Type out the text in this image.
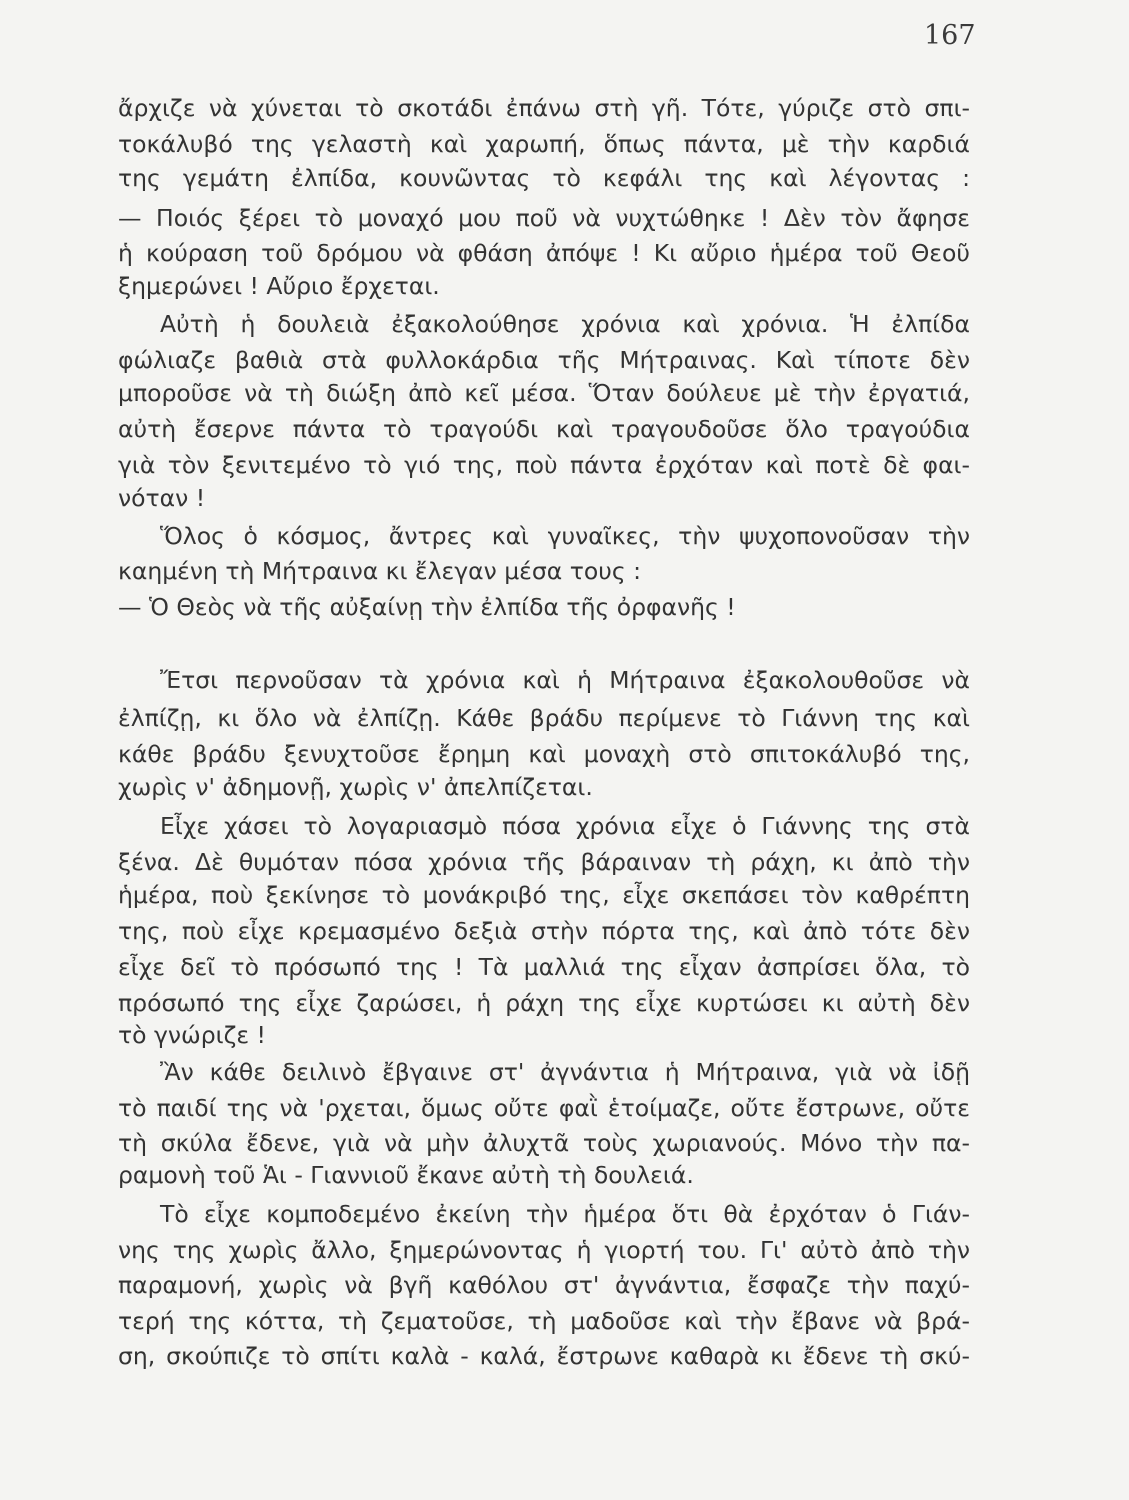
167
ἄρχιζε νὰ χύνεται τὸ σκοτάδι ἐπάνω στὴ γῆ. Τότε, γύριζε στὸ σπι-
τοκάλυβό της γελαστὴ καὶ χαρωπή, ὅπως πάντα, μὲ τὴν καρδιά
της γεμάτη ἐλπίδα, κουνῶντας τὸ κεφάλι της καὶ λέγοντας :
— Ποιός ξέρει τὸ μοναχό μου ποῦ νὰ νυχτώθηκε ! Δὲν τὸν ἄφησε
ἡ κούραση τοῦ δρόμου νὰ φθάση ἀπόψε ! Κι αὔριο ἡμέρα τοῦ Θεοῦ
ξημερώνει ! Αὔριο ἔρχεται.
Αὐτὴ ἡ δουλειὰ ἐξακολούθησε χρόνια καὶ χρόνια. Ἡ ἐλπίδα
φώλιαζε βαθιὰ στὰ φυλλοκάρδια τῆς Μήτραινας. Καὶ τίποτε δὲν
μποροῦσε νὰ τὴ διώξη ἀπὸ κεῖ μέσα. Ὅταν δούλευε μὲ τὴν ἐργατιά,
αὐτὴ ἔσερνε πάντα τὸ τραγούδι καὶ τραγουδοῦσε ὅλο τραγούδια
γιὰ τὸν ξενιτεμένο τὸ γιό της, ποὺ πάντα ἐρχόταν καὶ ποτὲ δὲ φαι-
νόταν !
Ὅλος ὁ κόσμος, ἄντρες καὶ γυναῖκες, τὴν ψυχοπονοῦσαν τὴν
καημένη τὴ Μήτραινα κι ἔλεγαν μέσα τους :
— Ὁ Θεὸς νὰ τῆς αὐξαίνῃ τὴν ἐλπίδα τῆς ὀρφανῆς !
Ἔτσι περνοῦσαν τὰ χρόνια καὶ ἡ Μήτραινα ἐξακολουθοῦσε νὰ
ἐλπίζῃ, κι ὅλο νὰ ἐλπίζῃ. Κάθε βράδυ περίμενε τὸ Γιάννη της καὶ
κάθε βράδυ ξενυχτοῦσε ἔρημη καὶ μοναχὴ στὸ σπιτοκάλυβό της,
χωρὶς ν' ἀδημονῇ, χωρὶς ν' ἀπελπίζεται.
Εἶχε χάσει τὸ λογαριασμὸ πόσα χρόνια εἶχε ὁ Γιάννης της στὰ
ξένα. Δὲ θυμόταν πόσα χρόνια τῆς βάραιναν τὴ ράχη, κι ἀπὸ τὴν
ἡμέρα, ποὺ ξεκίνησε τὸ μονάκριβό της, εἶχε σκεπάσει τὸν καθρέπτη
της, ποὺ εἶχε κρεμασμένο δεξιὰ στὴν πόρτα της, καὶ ἀπὸ τότε δὲν
εἶχε δεῖ τὸ πρόσωπό της ! Τὰ μαλλιά της εἶχαν ἀσπρίσει ὅλα, τὸ
πρόσωπό της εἶχε ζαρώσει, ἡ ράχη της εἶχε κυρτώσει κι αὐτὴ δὲν
τὸ γνώριζε !
Ἂν κάθε δειλινὸ ἔβγαινε στ' ἀγνάντια ἡ Μήτραινα, γιὰ νὰ ἰδῇ
τὸ παιδί της νὰ 'ρχεται, ὅμως οὔτε φαῒ ἑτοίμαζε, οὔτε ἔστρωνε, οὔτε
τὴ σκύλα ἔδενε, γιὰ νὰ μὴν ἀλυχτᾶ τοὺς χωριανούς. Μόνο τὴν πα-
ραμονὴ τοῦ Ἁι - Γιαννιοῦ ἔκανε αὐτὴ τὴ δουλειά.
Τὸ εἶχε κομποδεμένο ἐκείνη τὴν ἡμέρα ὅτι θὰ ἐρχόταν ὁ Γιάν-
νης της χωρὶς ἄλλο, ξημερώνοντας ἡ γιορτή του. Γι' αὐτὸ ἀπὸ τὴν
παραμονή, χωρὶς νὰ βγῆ καθόλου στ' ἀγνάντια, ἔσφαζε τὴν παχύ-
τερή της κόττα, τὴ ζεματοῦσε, τὴ μαδοῦσε καὶ τὴν ἔβανε νὰ βρά-
ση, σκούπιζε τὸ σπίτι καλὰ - καλά, ἔστρωνε καθαρὰ κι ἔδενε τὴ σκύ-
